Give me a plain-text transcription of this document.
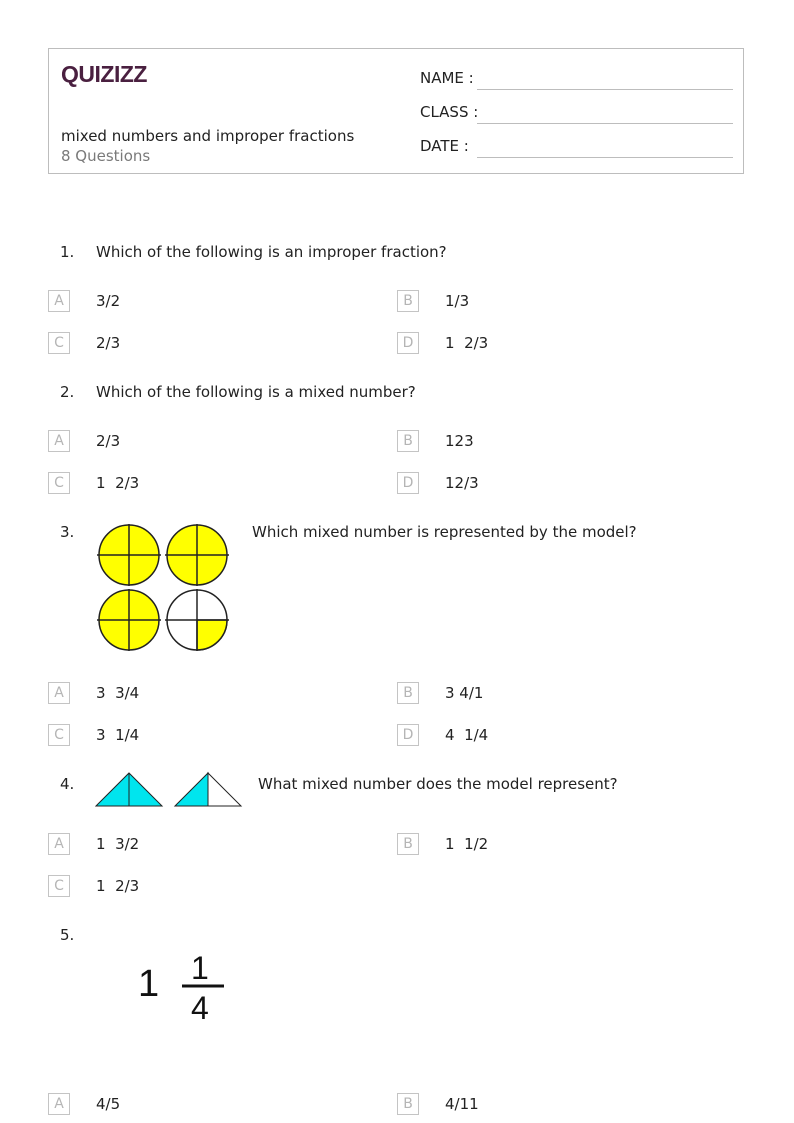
QUIZIZZ
mixed numbers and improper fractions
8 Questions
NAME :
CLASS :
DATE :
1. Which of the following is an improper fraction?
A	3/2	B	1/3
C	2/3	D	1  2/3
2. Which of the following is a mixed number?
A	2/3	B	123
C	1  2/3	D	12/3
3.	Which mixed number is represented by the model?
A	3  3/4	B	3 4/1
C	3  1/4	D	4  1/4
4.	What mixed number does the model represent?
A	1  3/2	B	1  1/2
C	1  2/3
5.
1 1
4
A	4/5	B	4/11
